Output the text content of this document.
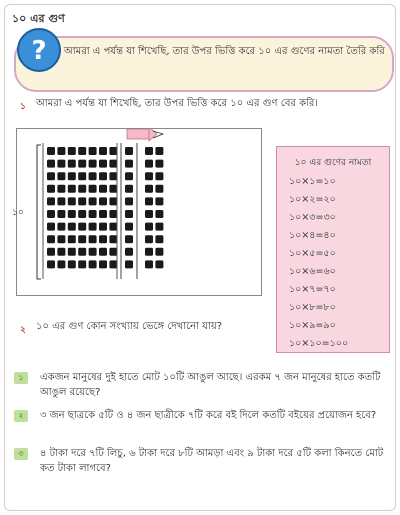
১০ এর গুণ
? আমরা এ পর্যন্ত যা শিখেছি, তার উপর ভিত্তি করে ১০ এর গুণের নামতা তৈরি করি
১ আমরা এ পর্যন্ত যা শিখেছি, তার উপর ভিত্তি করে ১০ এর গুণ বের করি।
১০
২ ১০ এর গুণ কোন সংখ্যায় ভেঙ্গে দেখানো যায়?
১০ এর গুণের নামতা
১০×১=১০
১০×২=২০
১০×৩=৩০
১০×৪=৪০
১০×৫=৫০
১০×৬=৬০
১০×৭=৭০
১০×৮=৮০
১০×৯=৯০
১০×১০=১০০
১	একজন মানুষের দুই হাতে মোট ১০টি আঙুল আছে। এরকম ৭ জন মানুষের হাতে কতটি আঙুল রয়েছে?
২	৩ জন ছাত্রকে ৫টি ও ৪ জন ছাত্রীকে ৭টি করে বই দিলে কতটি বইয়ের প্রয়োজন হবে?
৩	৪ টাকা দরে ৭টি লিচু, ৬ টাকা দরে ৮টি আমড়া এবং ৯ টাকা দরে ৫টি কলা কিনতে মোট কত টাকা লাগবে?
